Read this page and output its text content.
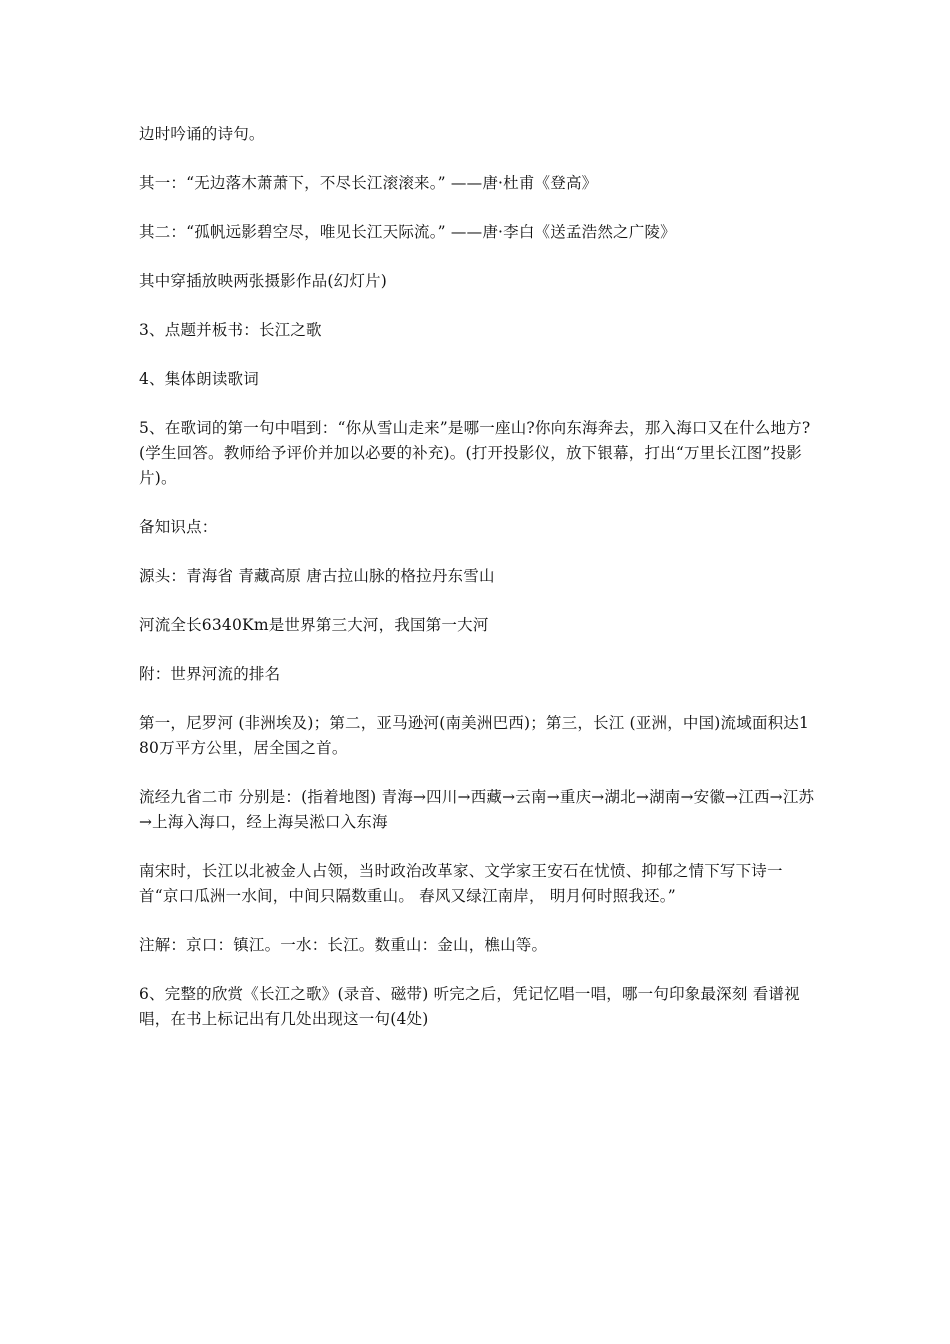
边时吟诵的诗句。

其一：“无边落木萧萧下，不尽长江滚滚来。” ——唐·杜甫《登高》

其二：“孤帆远影碧空尽，唯见长江天际流。” ——唐·李白《送孟浩然之广陵》

其中穿插放映两张摄影作品(幻灯片)

3、点题并板书：长江之歌

4、集体朗读歌词

5、在歌词的第一句中唱到：“你从雪山走来”是哪一座山?你向东海奔去，那入海口又在什么地方?(学生回答。教师给予评价并加以必要的补充)。(打开投影仪，放下银幕，打出“万里长江图”投影片)。

备知识点：

源头：青海省 青藏高原 唐古拉山脉的格拉丹东雪山

河流全长6340Km是世界第三大河，我国第一大河

附：世界河流的排名

第一，尼罗河 (非洲埃及)；第二，亚马逊河(南美洲巴西)；第三，长江 (亚洲，中国)流域面积达180万平方公里，居全国之首。

流经九省二市 分别是：(指着地图) 青海→四川→西藏→云南→重庆→湖北→湖南→安徽→江西→江苏→上海入海口，经上海吴淞口入东海

南宋时，长江以北被金人占领，当时政治改革家、文学家王安石在忧愤、抑郁之情下写下诗一首“京口瓜洲一水间，中间只隔数重山。 春风又绿江南岸， 明月何时照我还。”

注解：京口：镇江。一水：长江。数重山：金山，樵山等。

6、完整的欣赏《长江之歌》(录音、磁带) 听完之后，凭记忆唱一唱，哪一句印象最深刻 看谱视唱，在书上标记出有几处出现这一句(4处)
